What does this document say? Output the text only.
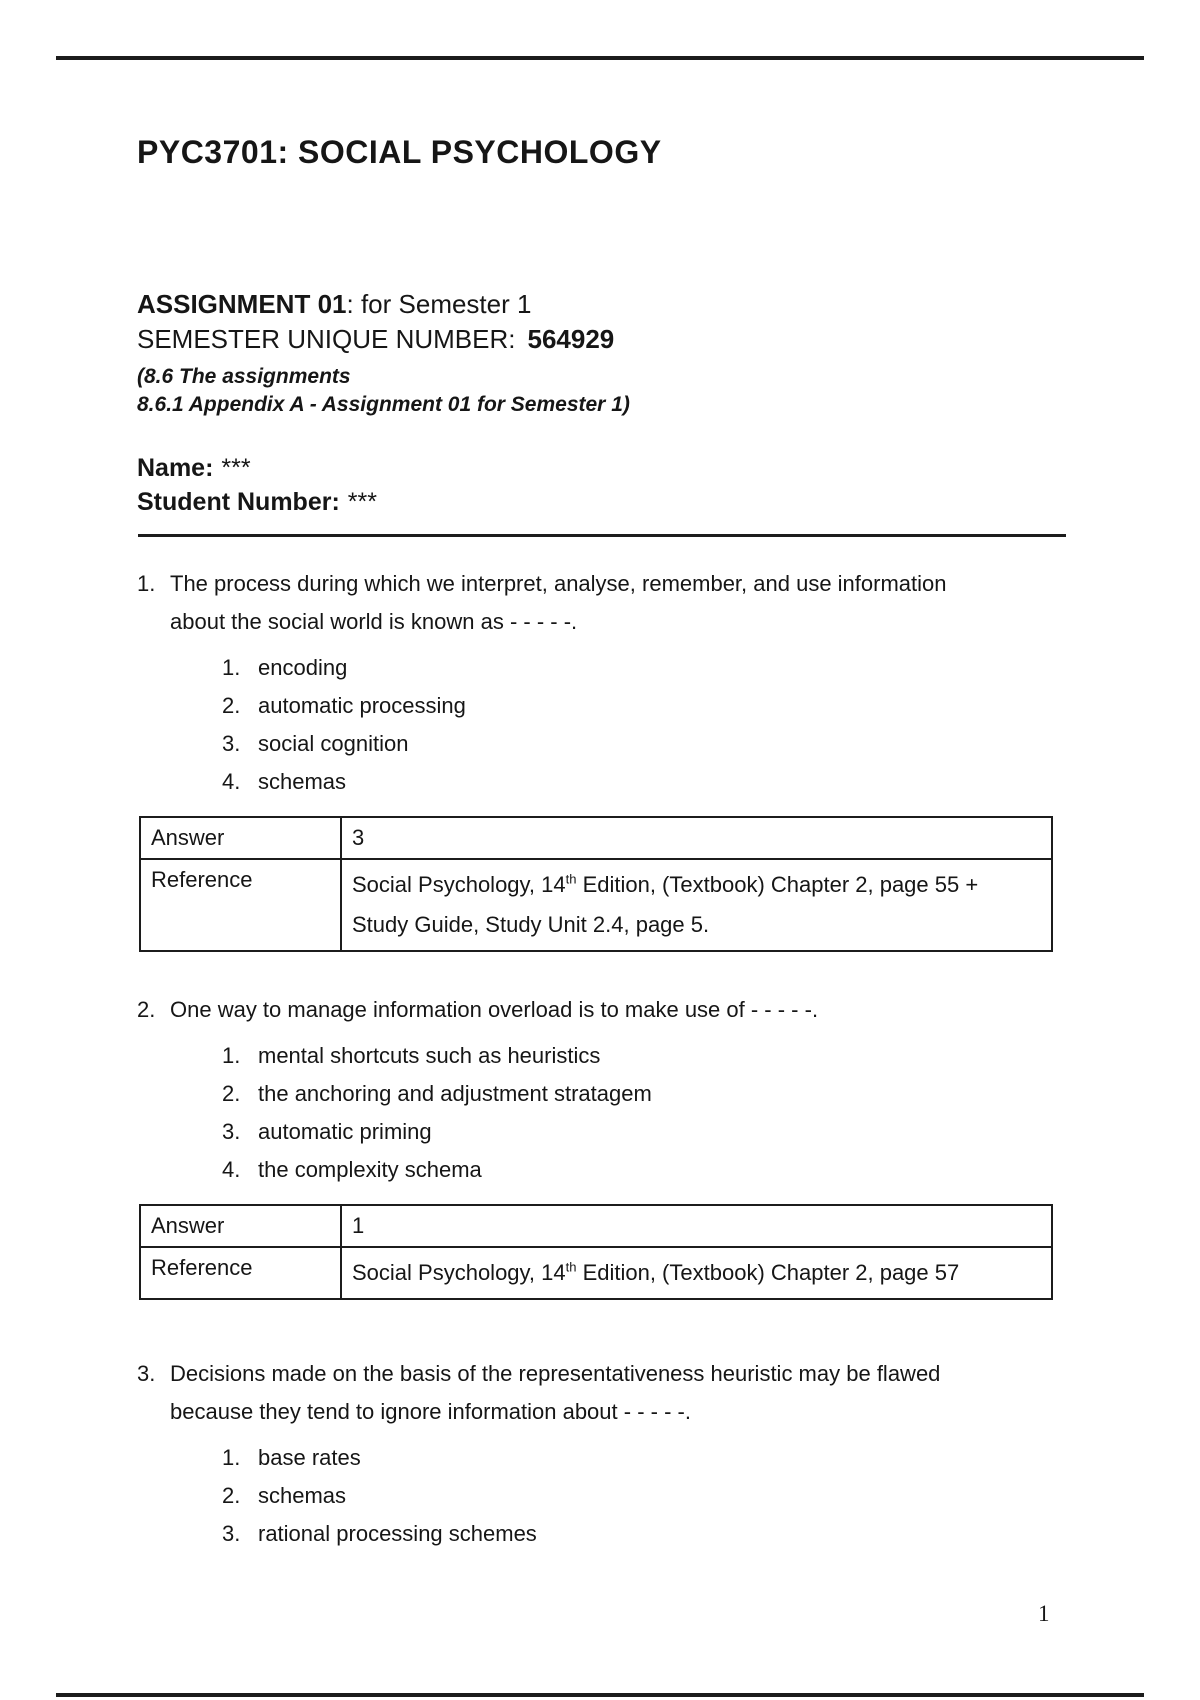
PYC3701: SOCIAL PSYCHOLOGY
ASSIGNMENT 01: for Semester 1
SEMESTER UNIQUE NUMBER: 564929
(8.6 The assignments
8.6.1 Appendix A - Assignment 01 for Semester 1)
Name: ***
Student Number: ***
1. The process during which we interpret, analyse, remember, and use information about the social world is known as - - - - -.
encoding
automatic processing
social cognition
schemas
Answer	3
Reference	Social Psychology, 14th Edition, (Textbook) Chapter 2, page 55 +
Study Guide, Study Unit 2.4, page 5.
2. One way to manage information overload is to make use of - - - - -.
mental shortcuts such as heuristics
the anchoring and adjustment stratagem
automatic priming
the complexity schema
Answer	1
Reference	Social Psychology, 14th Edition, (Textbook) Chapter 2, page 57
3. Decisions made on the basis of the representativeness heuristic may be flawed because they tend to ignore information about - - - - -.
base rates
schemas
rational processing schemes
1
